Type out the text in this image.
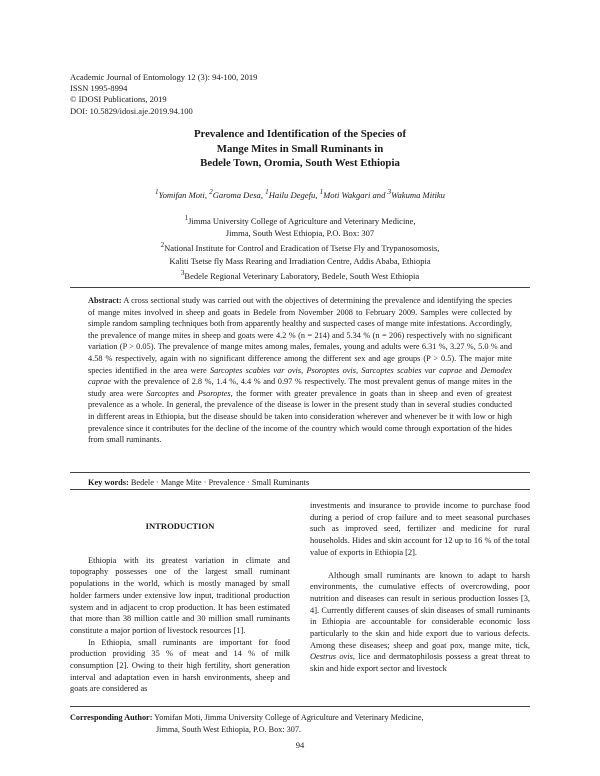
Academic Journal of Entomology 12 (3): 94-100, 2019
ISSN 1995-8994
© IDOSI Publications, 2019
DOI: 10.5829/idosi.aje.2019.94.100
Prevalence and Identification of the Species of
Mange Mites in Small Ruminants in
Bedele Town, Oromia, South West Ethiopia
$^1$Yomifan Moti, $^2$Garoma Desa, $^1$Hailu Degefu, $^1$Moti Wakgari and $^3$Wakuma Mitiku
$^1$Jimma University College of Agriculture and Veterinary Medicine,
Jimma, South West Ethiopia, P.O. Box: 307
$^2$National Institute for Control and Eradication of Tsetse Fly and Trypanosomosis,
Kaliti Tsetse fly Mass Rearing and Irradiation Centre, Addis Ababa, Ethiopia
$^3$Bedele Regional Veterinary Laboratory, Bedele, South West Ethiopia
Abstract: A cross sectional study was carried out with the objectives of determining the prevalence and identifying the species of mange mites involved in sheep and goats in Bedele from November 2008 to February 2009. Samples were collected by simple random sampling techniques both from apparently healthy and suspected cases of mange mite infestations. Accordingly, the prevalence of mange mites in sheep and goats were 4.2 % (n = 214) and 5.34 % (n = 206) respectively with no significant variation (P > 0.05). The prevalence of mange mites among males, females, young and adults were 6.31 %, 3.27 %, 5.0 % and 4.58 % respectively, again with no significant difference among the different sex and age groups (P > 0.5). The major mite species identified in the area were Sarcoptes scabies var ovis, Psoroptes ovis, Sarcoptes scabies var caprae and Demodex caprae with the prevalence of 2.8 %, 1.4 %, 4.4 % and 0.97 % respectively. The most prevalent genus of mange mites in the study area were Sarcoptes and Psoroptes, the former with greater prevalence in goats than in sheep and even of greatest prevalence as a whole. In general, the prevalence of the disease is lower in the present study than in several studies conducted in different areas in Ethiopia, but the disease should be taken into consideration wherever and whenever be it with low or high prevalence since it contributes for the decline of the income of the country which would come through exportation of the hides from small ruminants.
Key words: Bedele · Mange Mite · Prevalence · Small Ruminants
INTRODUCTION

Ethiopia with its greatest variation in climate and topography possesses one of the largest small ruminant populations in the world, which is mostly managed by small holder farmers under extensive low input, traditional production system and in adjacent to crop production. It has been estimated that more than 38 million cattle and 30 million small ruminants constitute a major portion of livestock resources [1].

In Ethiopia, small ruminants are important for food production providing 35 % of meat and 14 % of milk consumption [2]. Owing to their high fertility, short generation interval and adaptation even in harsh environments, sheep and goats are considered as

investments and insurance to provide income to purchase food during a period of crop failure and to meet seasonal purchases such as improved seed, fertilizer and medicine for rural households. Hides and skin account for 12 up to 16 % of the total value of exports in Ethiopia [2].

Although small ruminants are known to adapt to harsh environments, the cumulative effects of overcrowding, poor nutrition and diseases can result in serious production losses [3, 4]. Currently different causes of skin diseases of small ruminants in Ethiopia are accountable for considerable economic loss particularly to the skin and hide export due to various defects. Among these diseases; sheep and goat pox, mange mite, tick, Oestrus ovis, lice and dermatophilosis possess a great threat to skin and hide export sector and livestock

Corresponding Author: Yomifan Moti, Jimma University College of Agriculture and Veterinary Medicine,
Jimma, South West Ethiopia, P.O. Box: 307.
94
